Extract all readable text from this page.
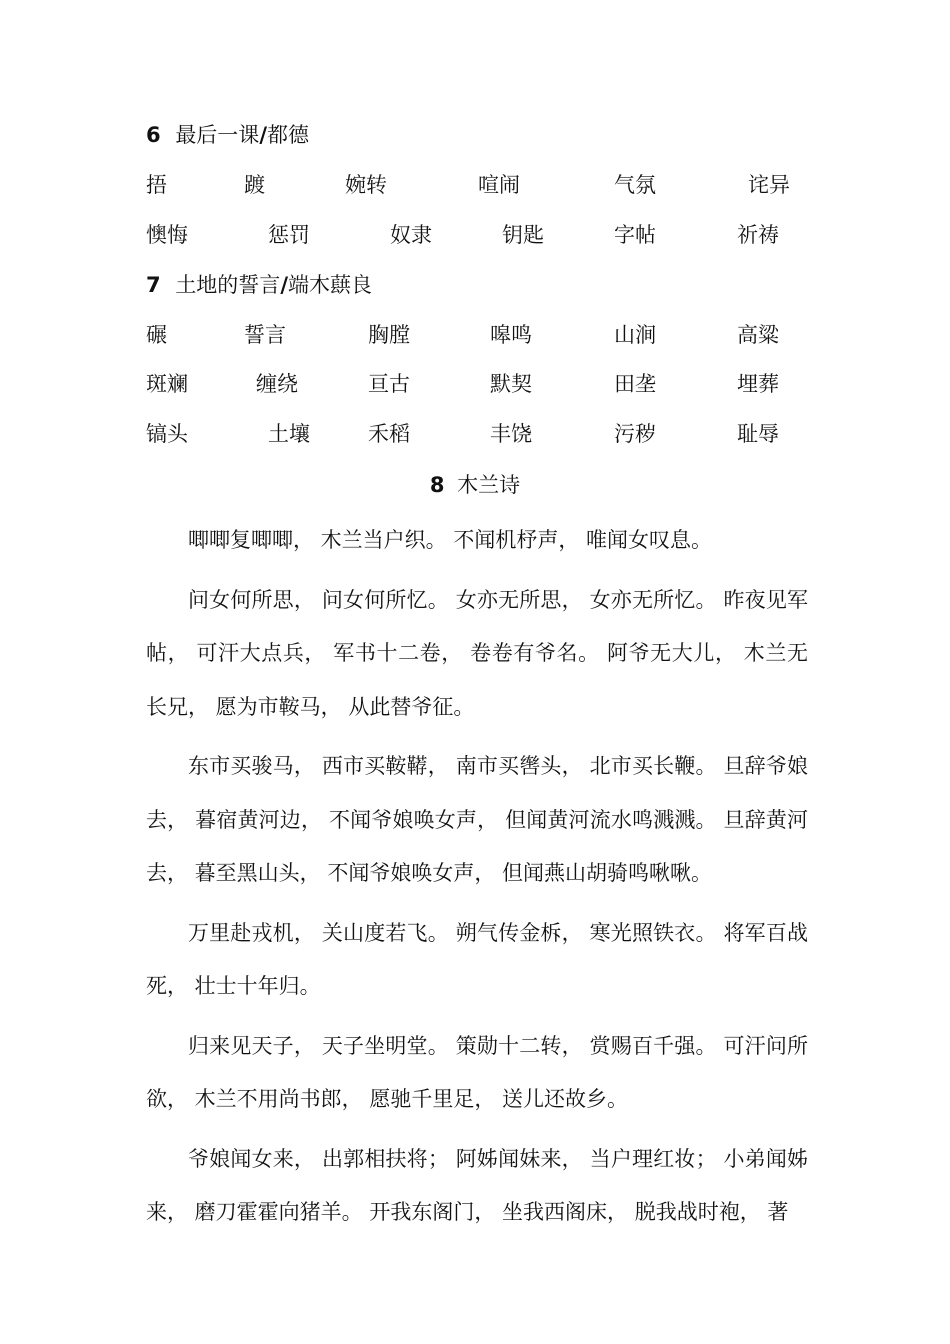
6 最后一课/都德
捂	踱	婉转	喧闹	气氛	诧异
懊悔	惩罚	奴隶	钥匙	字帖	祈祷
7 土地的誓言/端木蕻良
碾	誓言	胸膛	嗥鸣	山涧	高粱
斑斓	缠绕	亘古	默契	田垄	埋葬
镐头	土壤	禾稻	丰饶	污秽	耻辱
8 木兰诗

唧唧复唧唧， 木兰当户织。 不闻机杼声， 唯闻女叹息。

问女何所思， 问女何所忆。 女亦无所思， 女亦无所忆。 昨夜见军帖， 可汗大点兵， 军书十二卷， 卷卷有爷名。 阿爷无大儿， 木兰无长兄， 愿为市鞍马， 从此替爷征。

东市买骏马， 西市买鞍鞯， 南市买辔头， 北市买长鞭。 旦辞爷娘去， 暮宿黄河边， 不闻爷娘唤女声， 但闻黄河流水鸣溅溅。 旦辞黄河去， 暮至黑山头， 不闻爷娘唤女声， 但闻燕山胡骑鸣啾啾。

万里赴戎机， 关山度若飞。 朔气传金柝， 寒光照铁衣。 将军百战死， 壮士十年归。

归来见天子， 天子坐明堂。 策勋十二转， 赏赐百千强。 可汗问所欲， 木兰不用尚书郎， 愿驰千里足， 送儿还故乡。

爷娘闻女来， 出郭相扶将； 阿姊闻妹来， 当户理红妆； 小弟闻姊来， 磨刀霍霍向猪羊。 开我东阁门， 坐我西阁床， 脱我战时袍， 著
